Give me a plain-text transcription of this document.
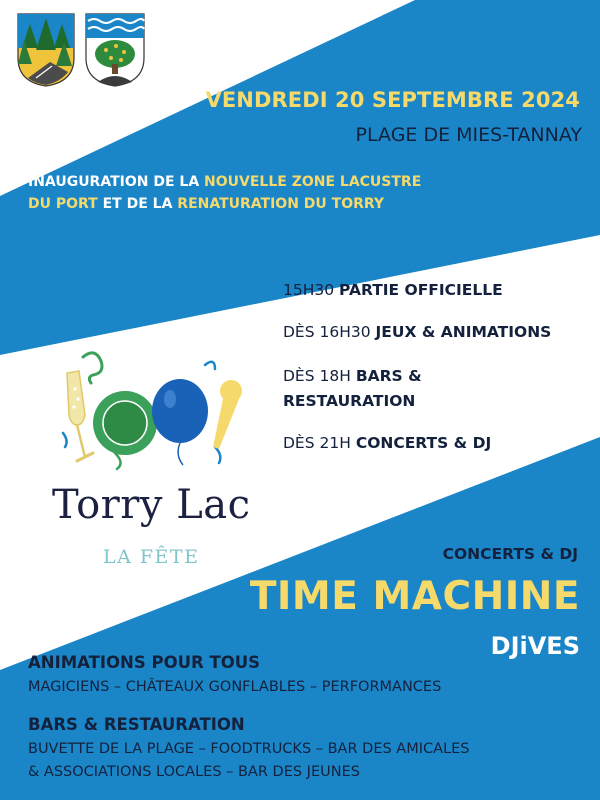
VENDREDI 20 SEPTEMBRE 2024
PLAGE DE MIES-TANNAY
INAUGURATION DE LA NOUVELLE ZONE LACUSTRE
DU PORT ET DE LA RENATURATION DU TORRY
15H30 PARTIE OFFICIELLE
DÈS 16H30 JEUX & ANIMATIONS
DÈS 18H BARS &
RESTAURATION
DÈS 21H CONCERTS & DJ
Torry Lac
LA FÊTE	CONCERTS & DJ
TIME MACHINE
DJiVES
ANIMATIONS POUR TOUS
MAGICIENS – CHÂTEAUX GONFLABLES – PERFORMANCES
BARS & RESTAURATION
BUVETTE DE LA PLAGE – FOODTRUCKS – BAR DES AMICALES
& ASSOCIATIONS LOCALES – BAR DES JEUNES
